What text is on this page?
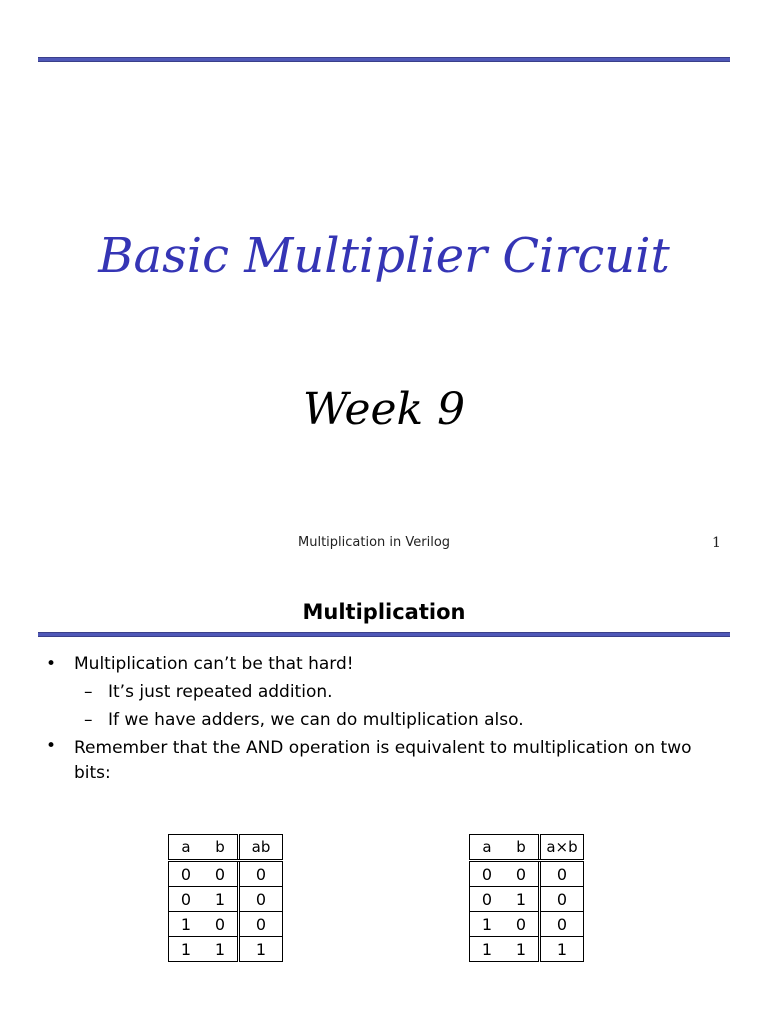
Basic Multiplier Circuit
Week 9
Multiplication in Verilog	1
Multiplication
• Multiplication can’t be that hard!
– It’s just repeated addition.
– If we have adders, we can do multiplication also.
• Remember that the AND operation is equivalent to multiplication on two
bits:
a	b	ab
0	0	0
0	1	0
1	0	0
1	1	1
a	b	a×b
0	0	0
0	1	0
1	0	0
1	1	1
